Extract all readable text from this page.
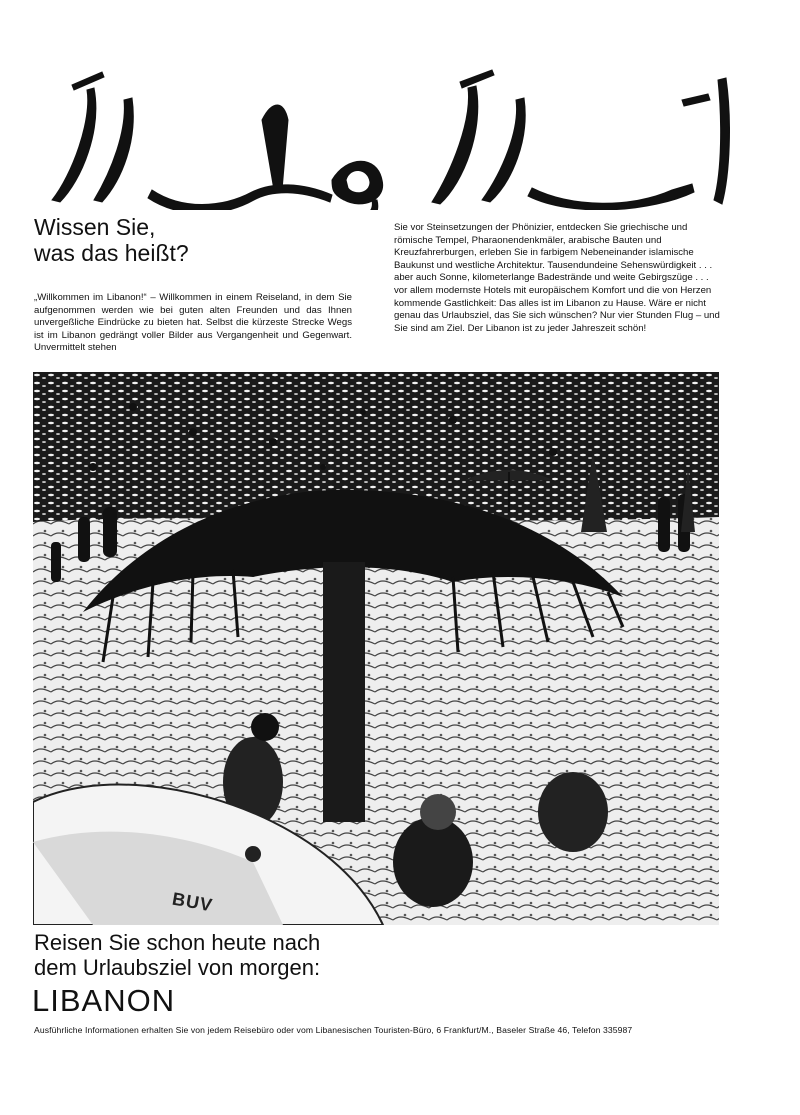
Wissen Sie,
was das heißt?

„Willkommen im Libanon!“ – Willkommen in einem Reiseland, in dem Sie aufgenommen werden wie bei guten alten Freunden und das Ihnen unvergeßliche Eindrücke zu bieten hat. Selbst die kürzeste Strecke Wegs ist im Libanon gedrängt voller Bilder aus Vergangenheit und Gegenwart. Unvermittelt stehen

Sie vor Steinsetzungen der Phönizier, entdecken Sie griechische und römische Tempel, Pharaonendenkmäler, arabische Bauten und Kreuzfahrerburgen, erleben Sie in farbigem Nebeneinander islamische Baukunst und westliche Architektur. Tausendundeine Sehenswürdigkeit . . . aber auch Sonne, kilometerlange Badestrände und weite Gebirgszüge . . . vor allem modernste Hotels mit europäischem Komfort und die von Herzen kommende Gastlichkeit: Das alles ist im Libanon zu Hause. Wäre er nicht genau das Urlaubsziel, das Sie sich wünschen? Nur vier Stunden Flug – und Sie sind am Ziel. Der Libanon ist zu jeder Jahreszeit schön!

BUV
Reisen Sie schon heute nach
dem Urlaubsziel von morgen:
LIBANON

Ausführliche Informationen erhalten Sie von jedem Reisebüro oder vom Libanesischen Touristen-Büro, 6 Frankfurt/M., Baseler Straße 46, Telefon 335987
